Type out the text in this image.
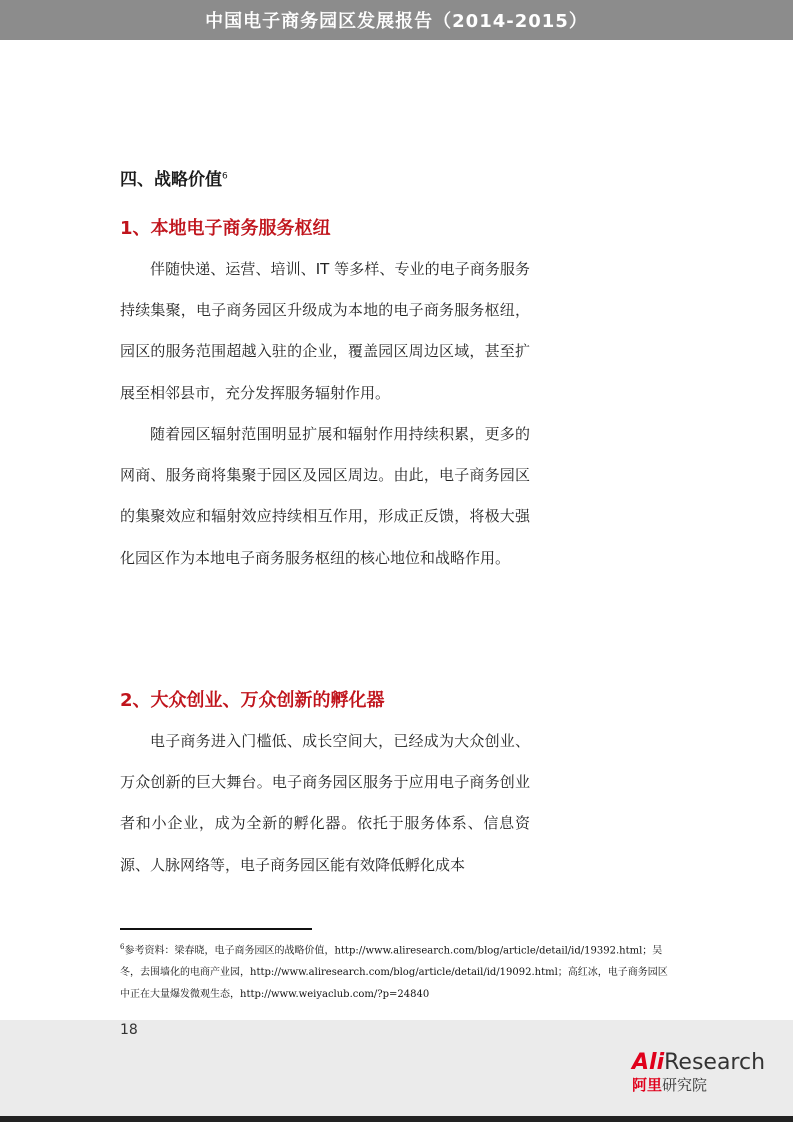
中国电子商务园区发展报告（2014-2015）
四、战略价值$^6$
1、本地电子商务服务枢纽
伴随快递、运营、培训、IT 等多样、专业的电子商务服务持续集聚，电子商务园区升级成为本地的电子商务服务枢纽，园区的服务范围超越入驻的企业，覆盖园区周边区域，甚至扩展至相邻县市，充分发挥服务辐射作用。
随着园区辐射范围明显扩展和辐射作用持续积累，更多的网商、服务商将集聚于园区及园区周边。由此，电子商务园区的集聚效应和辐射效应持续相互作用，形成正反馈，将极大强化园区作为本地电子商务服务枢纽的核心地位和战略作用。
2、大众创业、万众创新的孵化器
电子商务进入门槛低、成长空间大，已经成为大众创业、万众创新的巨大舞台。电子商务园区服务于应用电子商务创业者和小企业，成为全新的孵化器。依托于服务体系、信息资源、人脉网络等，电子商务园区能有效降低孵化成本
$^6$参考资料：梁春晓，电子商务园区的战略价值，http://www.aliresearch.com/blog/article/detail/id/19392.html；吴冬，去围墙化的电商产业园，http://www.aliresearch.com/blog/article/detail/id/19092.html；高红冰，电子商务园区中正在大量爆发微观生态，http://www.weiyaclub.com/?p=24840
18
AliResearch
阿里研究院
